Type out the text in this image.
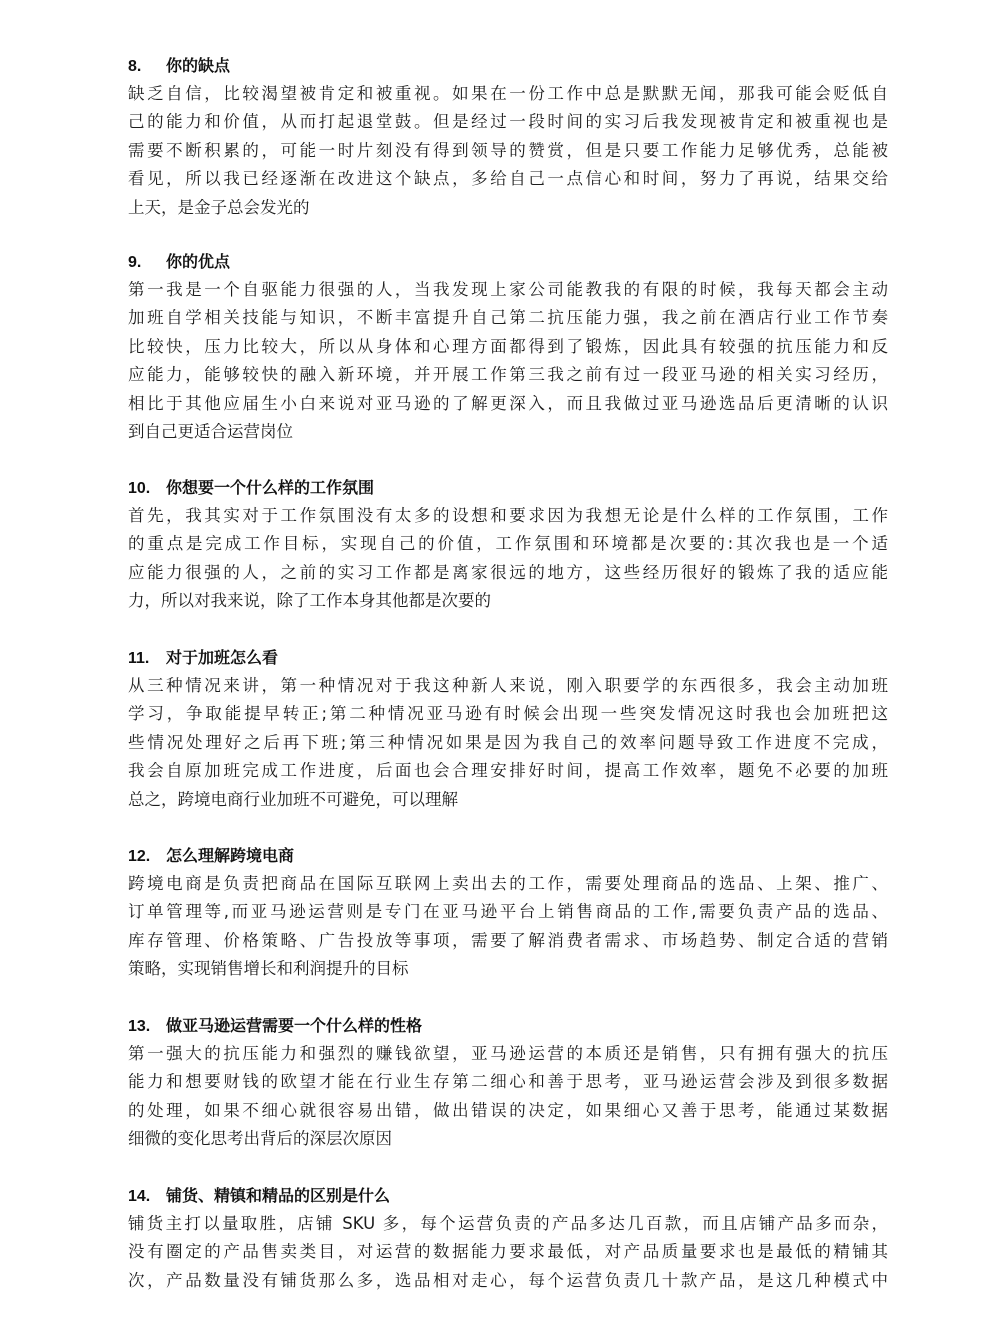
8. 你的缺点
缺乏自信，比较渴望被肯定和被重视。如果在一份工作中总是默默无闻，那我可能会贬低自
己的能力和价值，从而打起退堂鼓。但是经过一段时间的实习后我发现被肯定和被重视也是
需要不断积累的，可能一时片刻没有得到领导的赞赏，但是只要工作能力足够优秀，总能被
看见，所以我已经逐渐在改进这个缺点，多给自己一点信心和时间，努力了再说，结果交给
上天，是金子总会发光的
9. 你的优点
第一我是一个自驱能力很强的人，当我发现上家公司能教我的有限的时候，我每天都会主动
加班自学相关技能与知识，不断丰富提升自己第二抗压能力强，我之前在酒店行业工作节奏
比较快，压力比较大，所以从身体和心理方面都得到了锻炼，因此具有较强的抗压能力和反
应能力，能够较快的融入新环境，并开展工作第三我之前有过一段亚马逊的相关实习经历，
相比于其他应届生小白来说对亚马逊的了解更深入，而且我做过亚马逊选品后更清晰的认识
到自己更适合运营岗位
10. 你想要一个什么样的工作氛围
首先，我其实对于工作氛围没有太多的设想和要求因为我想无论是什么样的工作氛围，工作
的重点是完成工作目标，实现自己的价值，工作氛围和环境都是次要的:其次我也是一个适
应能力很强的人，之前的实习工作都是离家很远的地方，这些经历很好的锻炼了我的适应能
力，所以对我来说，除了工作本身其他都是次要的
11. 对于加班怎么看
从三种情况来讲，第一种情况对于我这种新人来说，刚入职要学的东西很多，我会主动加班
学习，争取能提早转正;第二种情况亚马逊有时候会出现一些突发情况这时我也会加班把这
些情况处理好之后再下班;第三种情况如果是因为我自己的效率问题导致工作进度不完成，
我会自原加班完成工作进度，后面也会合理安排好时间，提高工作效率，题免不必要的加班
总之，跨境电商行业加班不可避免，可以理解
12. 怎么理解跨境电商
跨境电商是负责把商品在国际互联网上卖出去的工作，需要处理商品的选品、上架、推广、
订单管理等,而亚马逊运营则是专门在亚马逊平台上销售商品的工作,需要负责产品的选品、
库存管理、价格策略、广告投放等事项，需要了解消费者需求、市场趋势、制定合适的营销
策略，实现销售增长和利润提升的目标
13. 做亚马逊运营需要一个什么样的性格
第一强大的抗压能力和强烈的赚钱欲望，亚马逊运营的本质还是销售，只有拥有强大的抗压
能力和想要财钱的欧望才能在行业生存第二细心和善于思考，亚马逊运营会涉及到很多数据
的处理，如果不细心就很容易出错，做出错误的决定，如果细心又善于思考，能通过某数据
细微的变化思考出背后的深层次原因
14. 铺货、精镇和精品的区别是什么
铺货主打以量取胜，店铺 SKU 多，每个运营负责的产品多达几百款，而且店铺产品多而杂，
没有圈定的产品售卖类目，对运营的数据能力要求最低，对产品质量要求也是最低的精铺其
次，产品数量没有铺货那么多，选品相对走心，每个运营负责几十款产品，是这几种模式中
